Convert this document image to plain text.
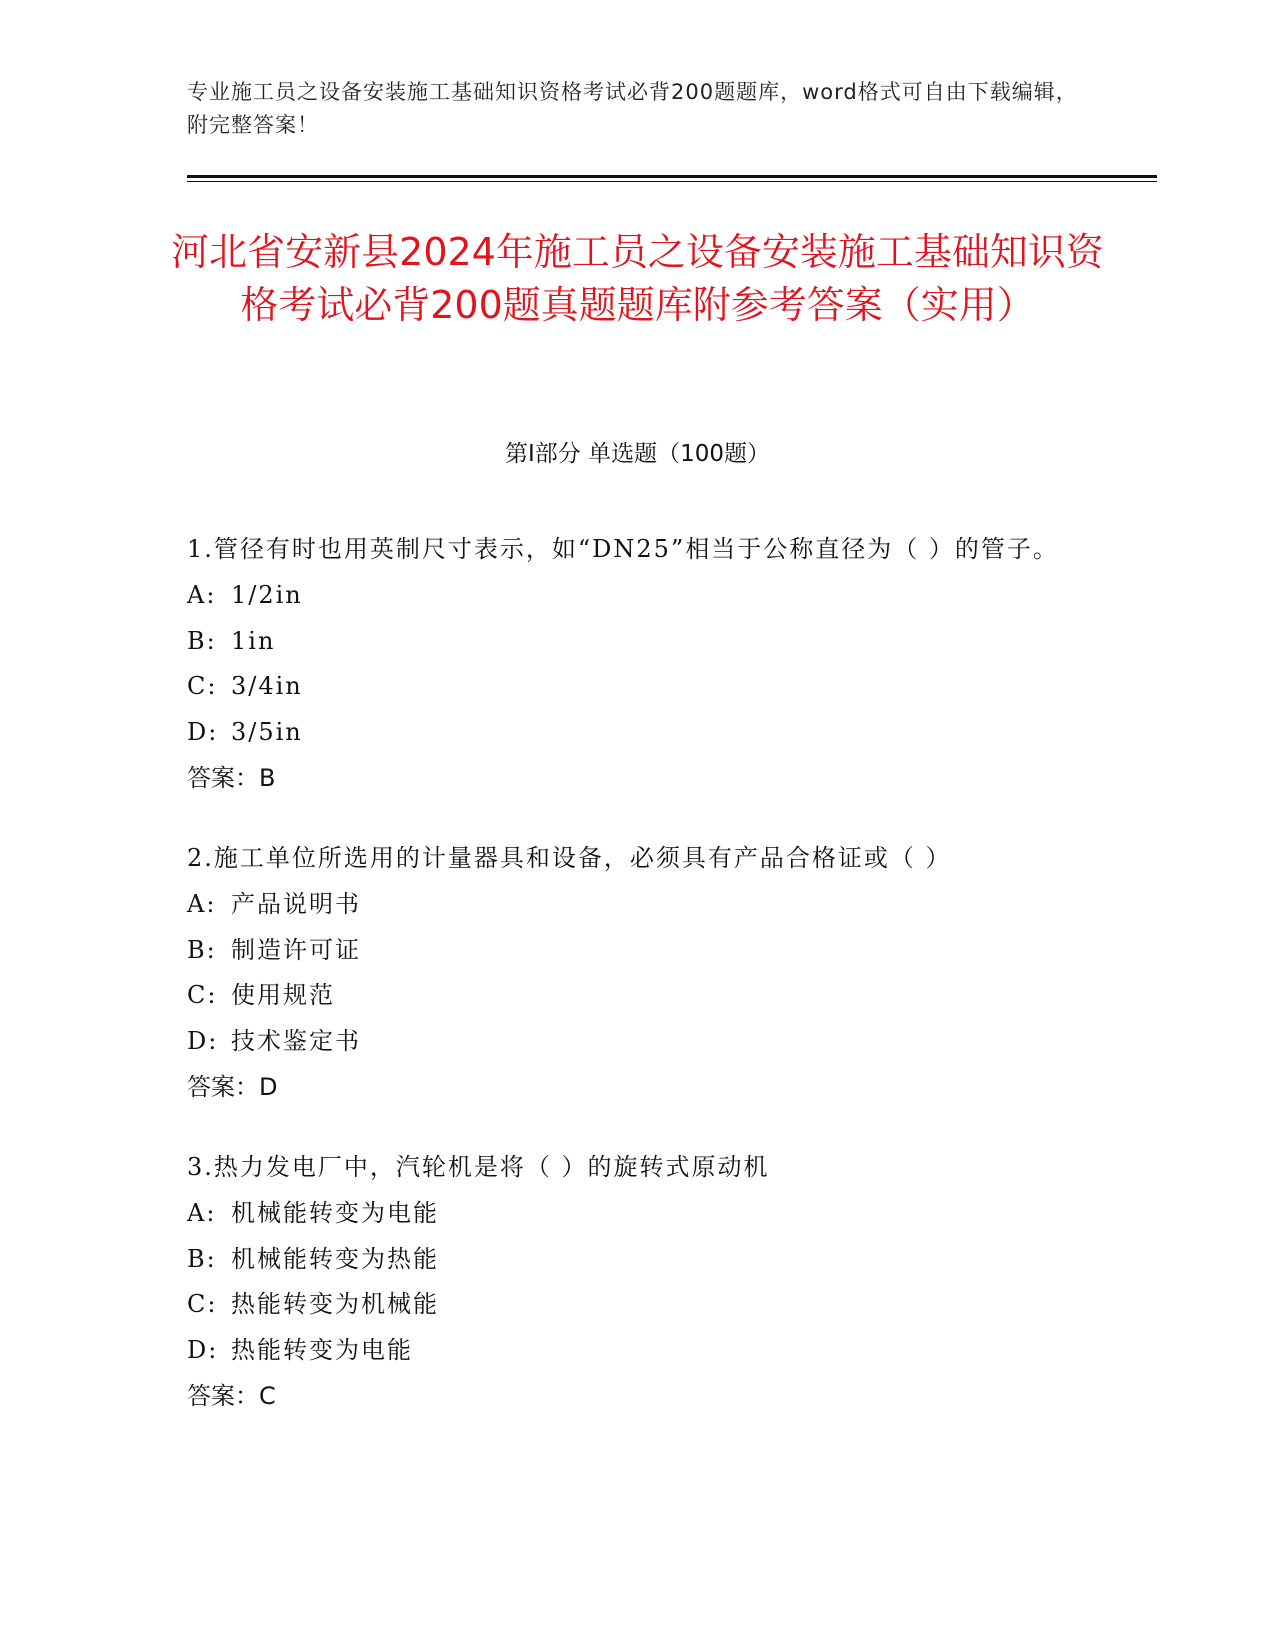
专业施工员之设备安装施工基础知识资格考试必背200题题库，word格式可自由下载编辑，附完整答案！
河北省安新县2024年施工员之设备安装施工基础知识资格考试必背200题真题题库附参考答案（实用）
第Ⅰ部分 单选题（100题）
1.管径有时也用英制尺寸表示，如“DN25”相当于公称直径为（ ）的管子。
A: 1/2in
B: 1in
C: 3/4in
D: 3/5in
答案：B
2.施工单位所选用的计量器具和设备，必须具有产品合格证或（ ）
A: 产品说明书
B: 制造许可证
C: 使用规范
D: 技术鉴定书
答案：D
3.热力发电厂中，汽轮机是将（ ）的旋转式原动机
A: 机械能转变为电能
B: 机械能转变为热能
C: 热能转变为机械能
D: 热能转变为电能
答案：C
